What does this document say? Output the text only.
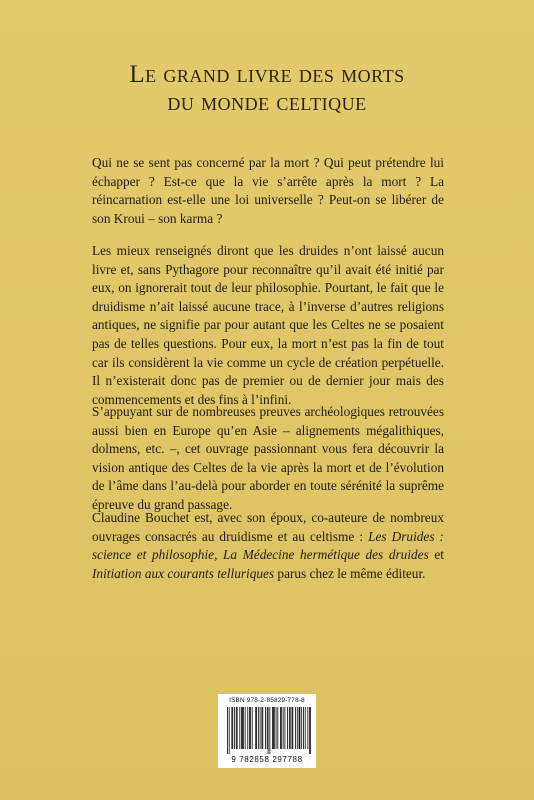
Le grand livre des morts
du monde celtique

Qui ne se sent pas concerné par la mort ? Qui peut prétendre lui échapper ? Est-ce que la vie s’arrête après la mort ? La réincarnation est-elle une loi universelle ? Peut-on se libérer de son Kroui – son karma ?

Les mieux renseignés diront que les druides n’ont laissé aucun livre et, sans Pythagore pour reconnaître qu’il avait été initié par eux, on ignorerait tout de leur philosophie. Pourtant, le fait que le druidisme n’ait laissé aucune trace, à l’inverse d’autres religions antiques, ne signifie par pour autant que les Celtes ne se posaient pas de telles questions. Pour eux, la mort n’est pas la fin de tout car ils considèrent la vie comme un cycle de création perpétuelle. Il n’existerait donc pas de premier ou de dernier jour mais des commencements et des fins à l’infini.

S’appuyant sur de nombreuses preuves archéologiques retrouvées aussi bien en Europe qu’en Asie – alignements mégalithiques, dolmens, etc. –, cet ouvrage passionnant vous fera découvrir la vision antique des Celtes de la vie après la mort et de l’évolution de l’âme dans l’au-delà pour aborder en toute sérénité la suprême épreuve du grand passage.

Claudine Bouchet est, avec son époux, co-auteure de nombreux ouvrages consacrés au druidisme et au celtisme : Les Druides : science et philosophie, La Médecine hermétique des druides et Initiation aux courants telluriques parus chez le même éditeur.

ISBN 978-2-85829-778-8
9 782858 297788
